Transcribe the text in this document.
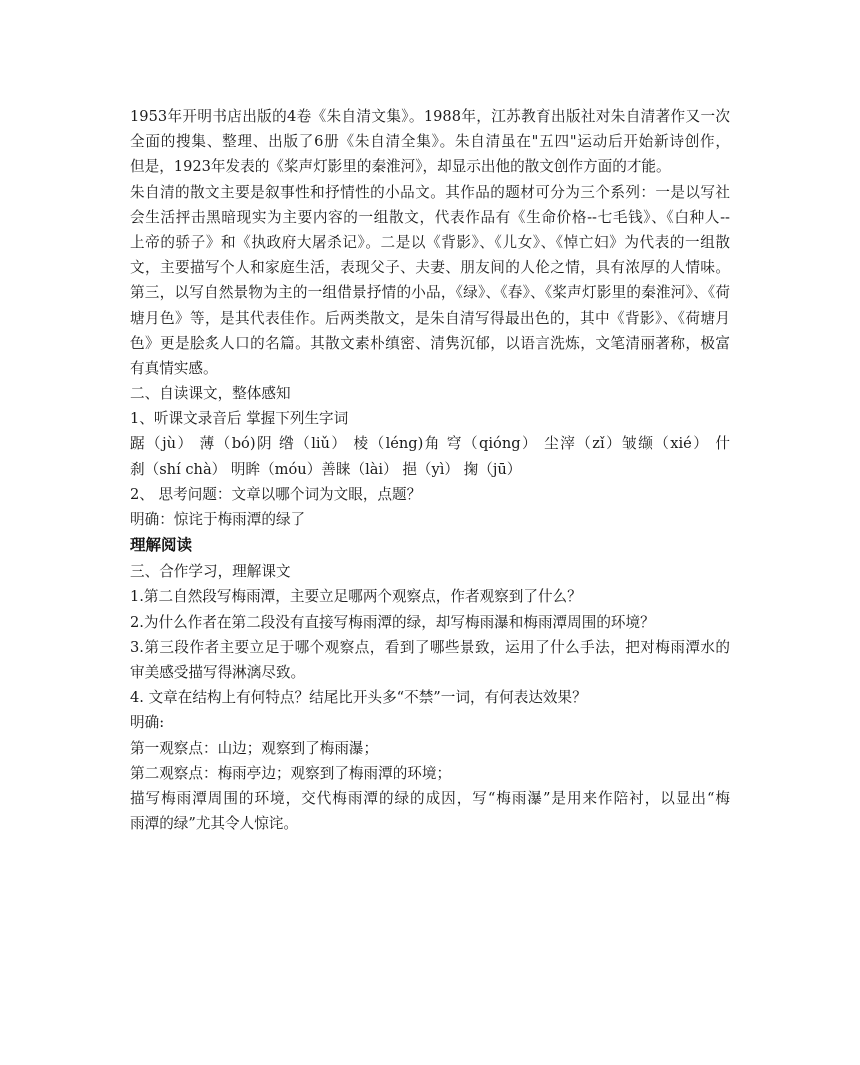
1953年开明书店出版的4卷《朱自清文集》。1988年，江苏教育出版社对朱自清著作又一次
全面的搜集、整理、出版了6册《朱自清全集》。朱自清虽在"五四"运动后开始新诗创作，
但是，1923年发表的《桨声灯影里的秦淮河》，却显示出他的散文创作方面的才能。
朱自清的散文主要是叙事性和抒情性的小品文。其作品的题材可分为三个系列：一是以写社
会生活抨击黑暗现实为主要内容的一组散文，代表作品有《生命价格--七毛钱》、《白种人--
上帝的骄子》和《执政府大屠杀记》。二是以《背影》、《儿女》、《悼亡妇》为代表的一组散
文，主要描写个人和家庭生活，表现父子、夫妻、朋友间的人伦之情，具有浓厚的人情味。
第三，以写自然景物为主的一组借景抒情的小品，《绿》、《春》、《桨声灯影里的秦淮河》、《荷
塘月色》等，是其代表佳作。后两类散文，是朱自清写得最出色的，其中《背影》、《荷塘月
色》更是脍炙人口的名篇。其散文素朴缜密、清隽沉郁，以语言洗炼，文笔清丽著称，极富
有真情实感。
二、自读课文，整体感知
1、听课文录音后 掌握下列生字词
踞（jù） 薄（bó)阴 绺（liǔ） 棱（léng)角 穹（qióng） 尘滓（zǐ）皱缬（xié） 什
刹（shí chà） 明眸（móu）善睐（lài） 挹（yì） 掬（jū）
2、 思考问题：文章以哪个词为文眼，点题？
明确：惊诧于梅雨潭的绿了
理解阅读
三、合作学习，理解课文
1.第二自然段写梅雨潭，主要立足哪两个观察点，作者观察到了什么？
2.为什么作者在第二段没有直接写梅雨潭的绿，却写梅雨瀑和梅雨潭周围的环境？
3.第三段作者主要立足于哪个观察点，看到了哪些景致，运用了什么手法，把对梅雨潭水的
审美感受描写得淋漓尽致。
4. 文章在结构上有何特点？结尾比开头多“不禁”一词，有何表达效果？
明确:
第一观察点：山边；观察到了梅雨瀑；
第二观察点：梅雨亭边；观察到了梅雨潭的环境；
描写梅雨潭周围的环境，交代梅雨潭的绿的成因，写“梅雨瀑”是用来作陪衬，以显出“梅
雨潭的绿”尤其令人惊诧。
